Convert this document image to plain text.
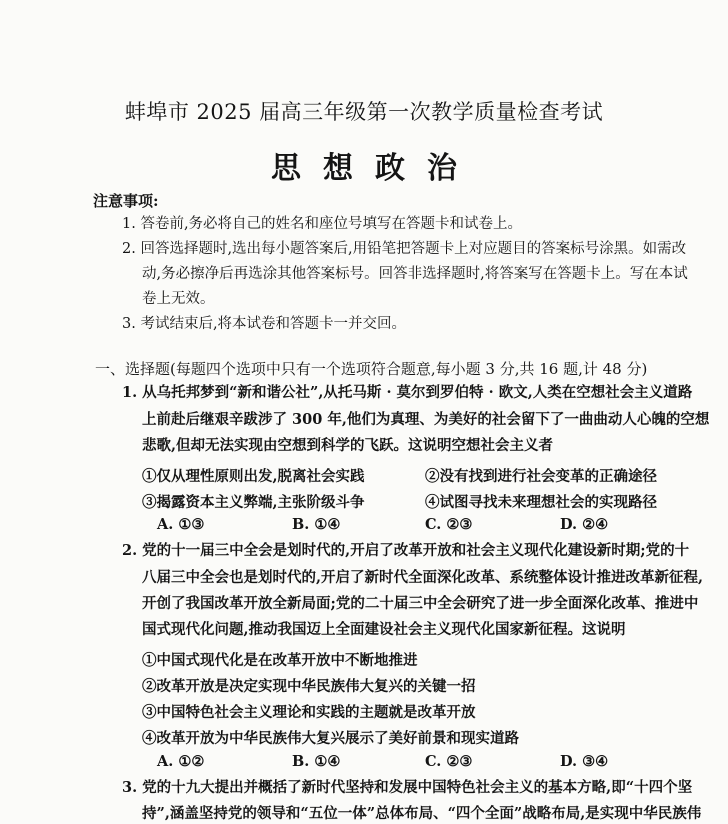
蚌埠市 2025 届高三年级第一次教学质量检查考试
思想政治
注意事项:
1. 答卷前,务必将自己的姓名和座位号填写在答题卡和试卷上。
2. 回答选择题时,选出每小题答案后,用铅笔把答题卡上对应题目的答案标号涂黑。如需改
动,务必擦净后再选涂其他答案标号。回答非选择题时,将答案写在答题卡上。写在本试
卷上无效。
3. 考试结束后,将本试卷和答题卡一并交回。
一、选择题(每题四个选项中只有一个选项符合题意,每小题 3 分,共 16 题,计 48 分)
1. 从乌托邦梦到“新和谐公社”,从托马斯 · 莫尔到罗伯特 · 欧文,人类在空想社会主义道路
上前赴后继艰辛跋涉了 300 年,他们为真理、为美好的社会留下了一曲曲动人心魄的空想
悲歌,但却无法实现由空想到科学的飞跃。这说明空想社会主义者
①仅从理性原则出发,脱离社会实践	②没有找到进行社会变革的正确途径
③揭露资本主义弊端,主张阶级斗争	④试图寻找未来理想社会的实现路径
A. ①③	B. ①④	C. ②③	D. ②④
2. 党的十一届三中全会是划时代的,开启了改革开放和社会主义现代化建设新时期;党的十
八届三中全会也是划时代的,开启了新时代全面深化改革、系统整体设计推进改革新征程,
开创了我国改革开放全新局面;党的二十届三中全会研究了进一步全面深化改革、推进中
国式现代化问题,推动我国迈上全面建设社会主义现代化国家新征程。这说明
①中国式现代化是在改革开放中不断地推进
②改革开放是决定实现中华民族伟大复兴的关键一招
③中国特色社会主义理论和实践的主题就是改革开放
④改革开放为中华民族伟大复兴展示了美好前景和现实道路
A. ①②	B. ①④	C. ②③	D. ③④
3. 党的十九大提出并概括了新时代坚持和发展中国特色社会主义的基本方略,即“十四个坚
持”,涵盖坚持党的领导和“五位一体”总体布局、“四个全面”战略布局,是实现中华民族伟
